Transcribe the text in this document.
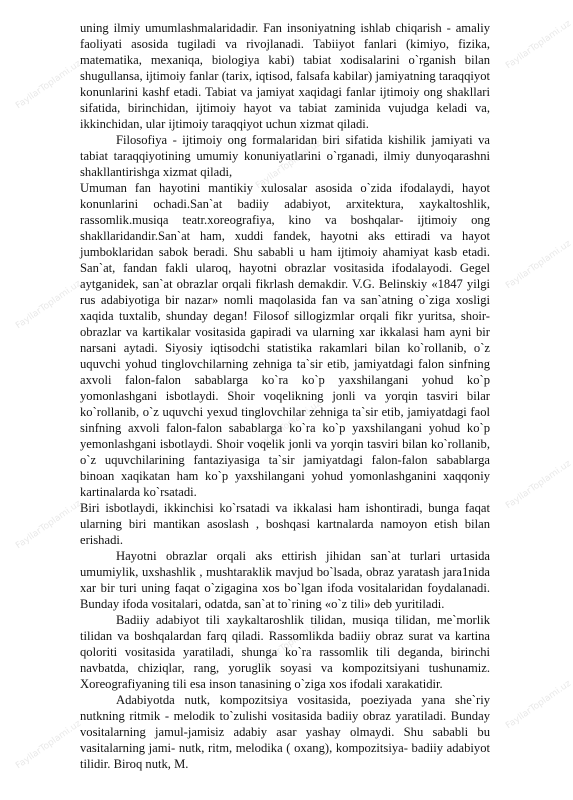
FayllarToplami.uz
FayllarToplami.uz
FayllarToplami.uz
FayllarToplami.uz
FayllarToplami.uz
FayllarToplami.uz
FayllarToplami.uz
FayllarToplami.uz
FayllarToplami.uz
FayllarToplami.uz
FayllarToplami.uz

uning ilmiy umumlashmalaridadir. Fan insoniyatning ishlab chiqarish - amaliy faoliyati asosida tugiladi va rivojlanadi. Tabiiyot fanlari (kimiyo, fizika, matematika, mexaniqa, biologiya kabi) tabiat xodisalarini o`rganish bilan shugullansa, ijtimoiy fanlar (tarix, iqtisod, falsafa kabilar) jamiyatning taraqqiyot konunlarini kashf etadi. Tabiat va jamiyat xaqidagi fanlar ijtimoiy ong shakllari sifatida, birinchidan, ijtimoiy hayot va tabiat zaminida vujudga keladi va, ikkinchidan, ular ijtimoiy taraqqiyot uchun xizmat qiladi.

Filosofiya - ijtimoiy ong formalaridan biri sifatida kishilik jamiyati va tabiat taraqqiyotining umumiy konuniyatlarini o`rganadi, ilmiy dunyoqarashni shakllantirishga xizmat qiladi,

Umuman fan hayotini mantikiy xulosalar asosida o`zida ifodalaydi, hayot konunlarini ochadi.San`at badiiy adabiyot, arxitektura, xaykaltoshlik, rassomlik.musiqa teatr.xoreografiya, kino va boshqalar- ijtimoiy ong shakllaridandir.San`at ham, xuddi fandek, hayotni aks ettiradi va hayot jumboklaridan sabok beradi. Shu sababli u ham ijtimoiy ahamiyat kasb etadi. San`at, fandan fakli ularoq, hayotni obrazlar vositasida ifodalayodi. Gegel aytganidek, san`at obrazlar orqali fikrlash demakdir. V.G. Belinskiy «1847 yilgi rus adabiyotiga bir nazar» nomli maqolasida fan va san`atning o`ziga xosligi xaqida tuxtalib, shunday degan! Filosof sillogizmlar orqali fikr yuritsa, shoir- obrazlar va kartikalar vositasida gapiradi va ularning xar ikkalasi ham ayni bir narsani aytadi. Siyosiy iqtisodchi statistika rakamlari bilan ko`rollanib, o`z uquvchi yohud tinglovchilarning zehniga ta`sir etib, jamiyatdagi falon sinfning axvoli falon-falon sabablarga ko`ra ko`p yaxshilangani yohud ko`p yomonlashgani isbotlaydi. Shoir voqelikning jonli va yorqin tasviri bilar ko`rollanib, o`z uquvchi yexud tinglovchilar zehniga ta`sir etib, jamiyatdagi faol sinfning axvoli falon-falon sabablarga ko`ra ko`p yaxshilangani yohud ko`p yemonlashgani isbotlaydi. Shoir voqelik jonli va yorqin tasviri bilan ko`rollanib, o`z uquvchilarining fantaziyasiga ta`sir jamiyatdagi falon-falon sabablarga binoan xaqikatan ham ko`p yaxshilangani yohud yomonlashganini xaqqoniy kartinalarda ko`rsatadi.

Biri isbotlaydi, ikkinchisi ko`rsatadi va ikkalasi ham ishontiradi, bunga faqat ularning biri mantikan asoslash , boshqasi kartnalarda namoyon etish bilan erishadi.

Hayotni obrazlar orqali aks ettirish jihidan san`at turlari urtasida umumiylik, uxshashlik , mushtaraklik mavjud bo`lsada, obraz yaratash jara1nida xar bir turi uning faqat o`zigagina xos bo`lgan ifoda vositalaridan foydalanadi. Bunday ifoda vositalari, odatda, san`at to`rining «o`z tili» deb yuritiladi.

Badiiy adabiyot tili xaykaltaroshlik tilidan, musiqa tilidan, me`morlik tilidan va boshqalardan farq qiladi. Rassomlikda badiiy obraz surat va kartina qoloriti vositasida yaratiladi, shunga ko`ra rassomlik tili deganda, birinchi navbatda, chiziqlar, rang, yoruglik soyasi va kompozitsiyani tushunamiz. Xoreografiyaning tili esa inson tanasining o`ziga xos ifodali xarakatidir.

Adabiyotda nutk, kompozitsiya vositasida, poeziyada yana she`riy nutkning ritmik - melodik to`zulishi vositasida badiiy obraz yaratiladi. Bunday vositalarning jamul-jamisiz adabiy asar yashay olmaydi. Shu sababli bu vasitalarning jami- nutk, ritm, melodika ( oxang), kompozitsiya- badiiy adabiyot tilidir. Biroq nutk, M.
